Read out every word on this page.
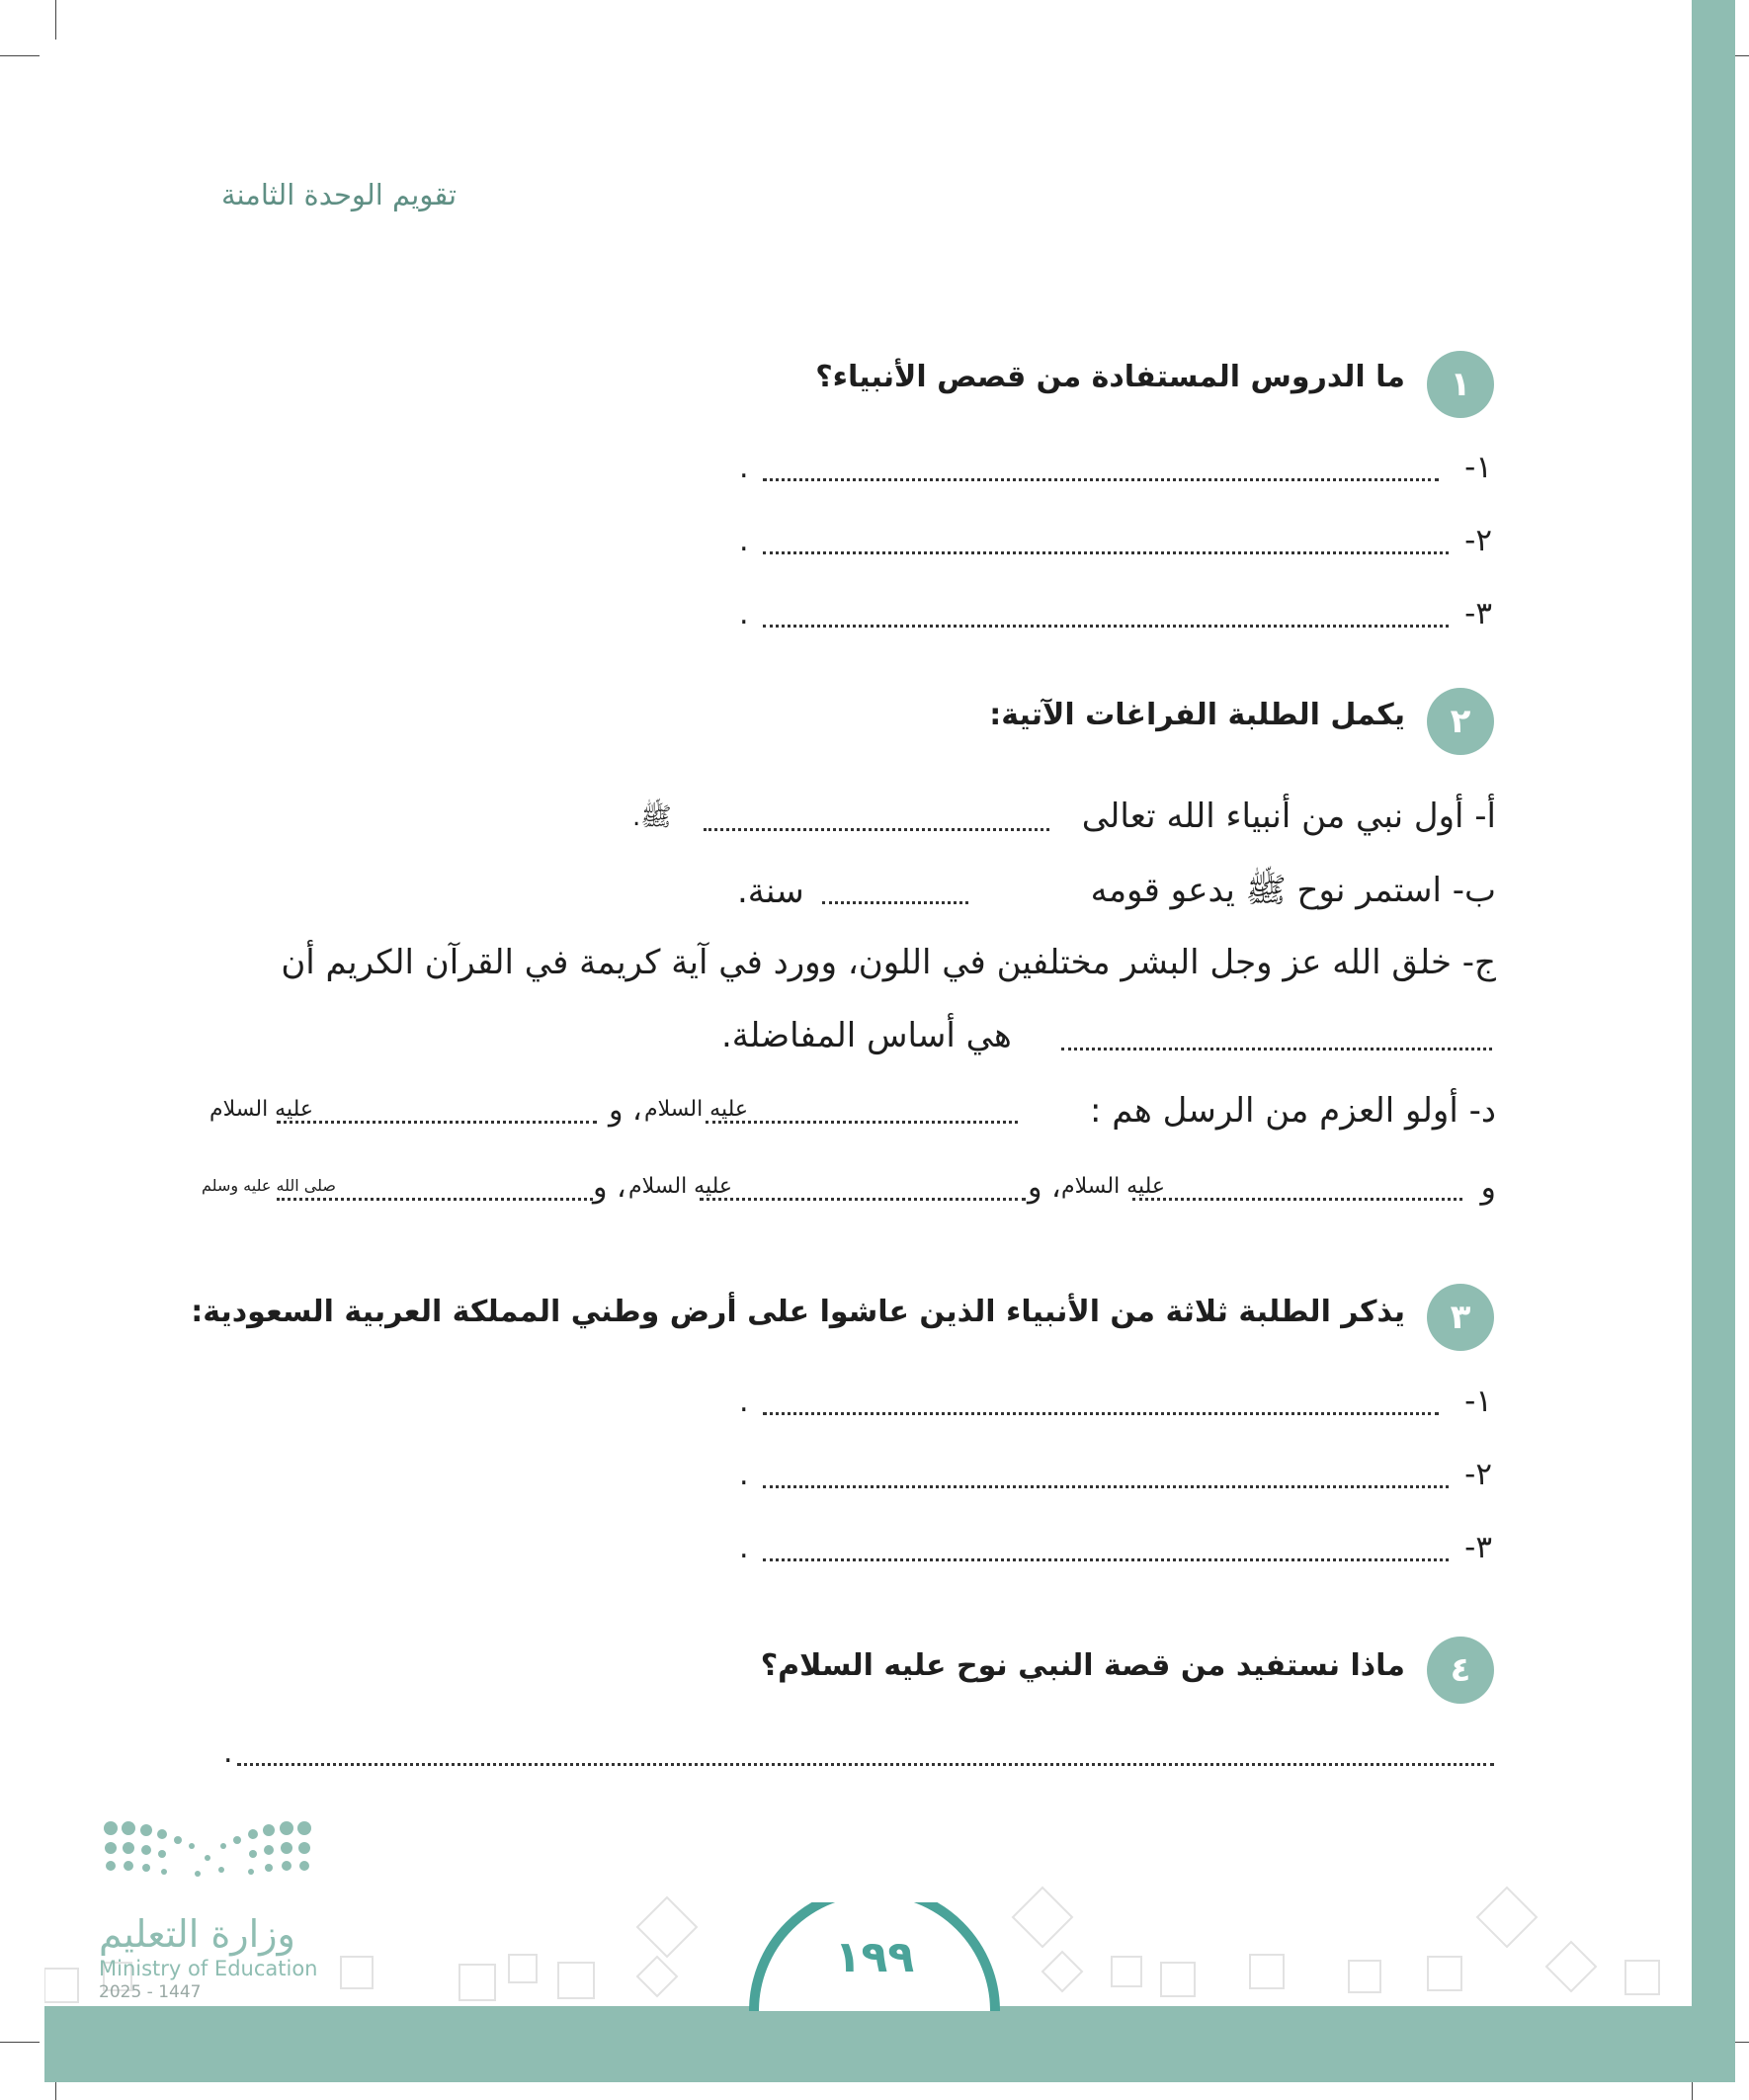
تقويم الوحدة الثامنة
١
ما الدروس المستفادة من قصص الأنبياء؟
١-
.
٢-
.
٣-
.
٢
يكمل الطلبة الفراغات الآتية:
أ- أول نبي من أنبياء الله تعالى
ﷺ.
ب- استمر نوح ﷺ يدعو قومه
سنة.
ج- خلق الله عز وجل البشر مختلفين في اللون، وورد في آية كريمة في القرآن الكريم أن
هي أساس المفاضلة.
د- أولو العزم من الرسل هم :
عليه السلام
، و
عليه السلام
و
عليه السلام
، و
عليه السلام
، و
صلى الله عليه وسلم
٣
يذكر الطلبة ثلاثة من الأنبياء الذين عاشوا على أرض وطني المملكة العربية السعودية:
١-
.
٢-
.
٣-
.
٤
ماذا نستفيد من قصة النبي نوح عليه السلام؟
.
١٩٩
وزارة التعليم
Ministry of Education
2025 - 1447
